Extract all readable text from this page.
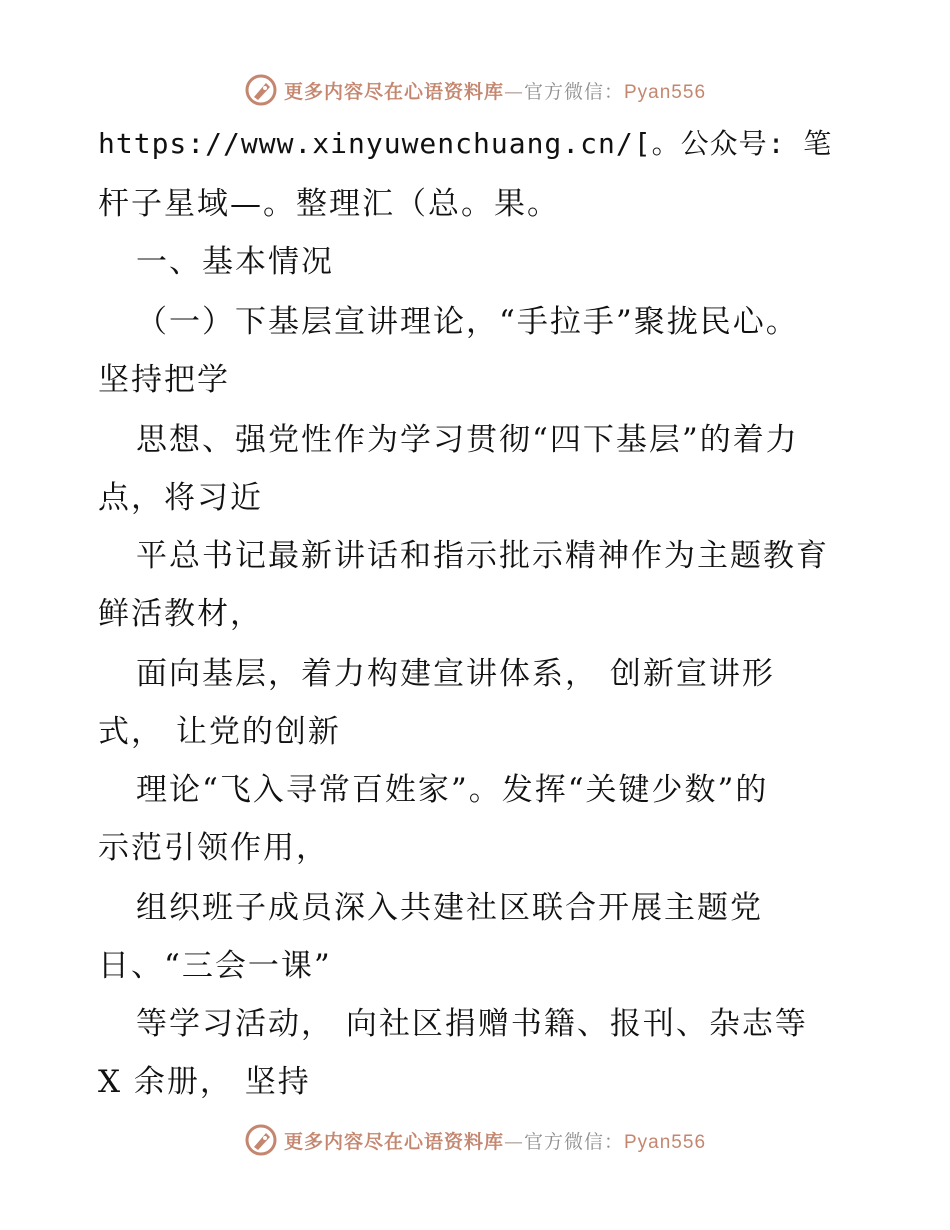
更多内容尽在心语资料库—官方微信：Pyan556
https://www.xinyuwenchuang.cn/[。公众号: 笔
杆子星域—。整理汇（总。果。
一、基本情况
（一）下基层宣讲理论，“手拉手”聚拢民心。
坚持把学
思想、强党性作为学习贯彻“四下基层”的着力
点，将习近
平总书记最新讲话和指示批示精神作为主题教育
鲜活教材，
面向基层，着力构建宣讲体系， 创新宣讲形
式， 让党的创新
理论“飞入寻常百姓家”。发挥“关键少数”的
示范引领作用，
组织班子成员深入共建社区联合开展主题党
日、“三会一课”
等学习活动， 向社区捐赠书籍、报刊、杂志等
X 余册， 坚持
更多内容尽在心语资料库—官方微信：Pyan556
